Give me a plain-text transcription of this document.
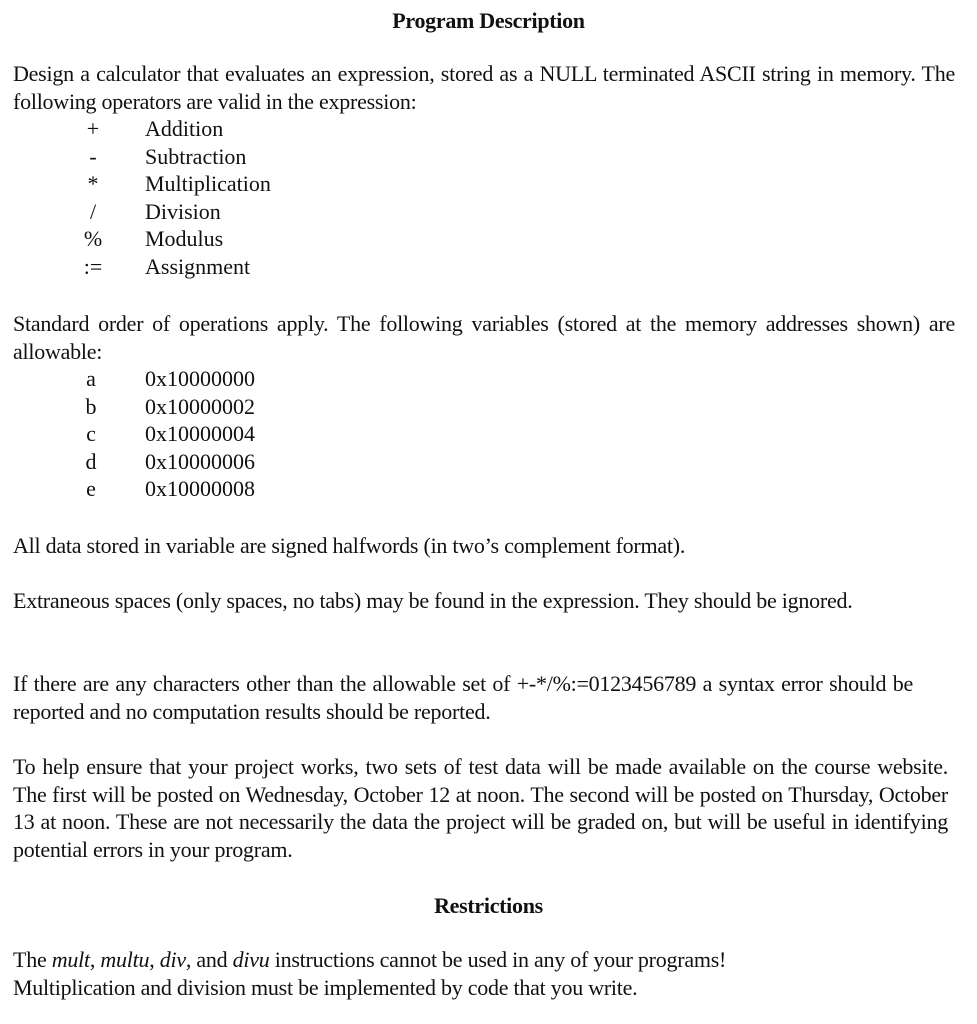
Program Description
Design a calculator that evaluates an expression, stored as a NULL terminated ASCII string in memory. The following operators are valid in the expression:
+	Addition
-	Subtraction
*	Multiplication
/	Division
%	Modulus
:=	Assignment
Standard order of operations apply. The following variables (stored at the memory addresses shown) are allowable:
a	0x10000000
b	0x10000002
c	0x10000004
d	0x10000006
e	0x10000008
All data stored in variable are signed halfwords (in two’s complement format).
Extraneous spaces (only spaces, no tabs) may be found in the expression. They should be ignored.
If there are any characters other than the allowable set of +-*/%:=0123456789 a syntax error should be reported and no computation results should be reported.
To help ensure that your project works, two sets of test data will be made available on the course website. The first will be posted on Wednesday, October 12 at noon. The second will be posted on Thursday, October 13 at noon. These are not necessarily the data the project will be graded on, but will be useful in identifying potential errors in your program.
Restrictions
The mult, multu, div, and divu instructions cannot be used in any of your programs!
Multiplication and division must be implemented by code that you write.
